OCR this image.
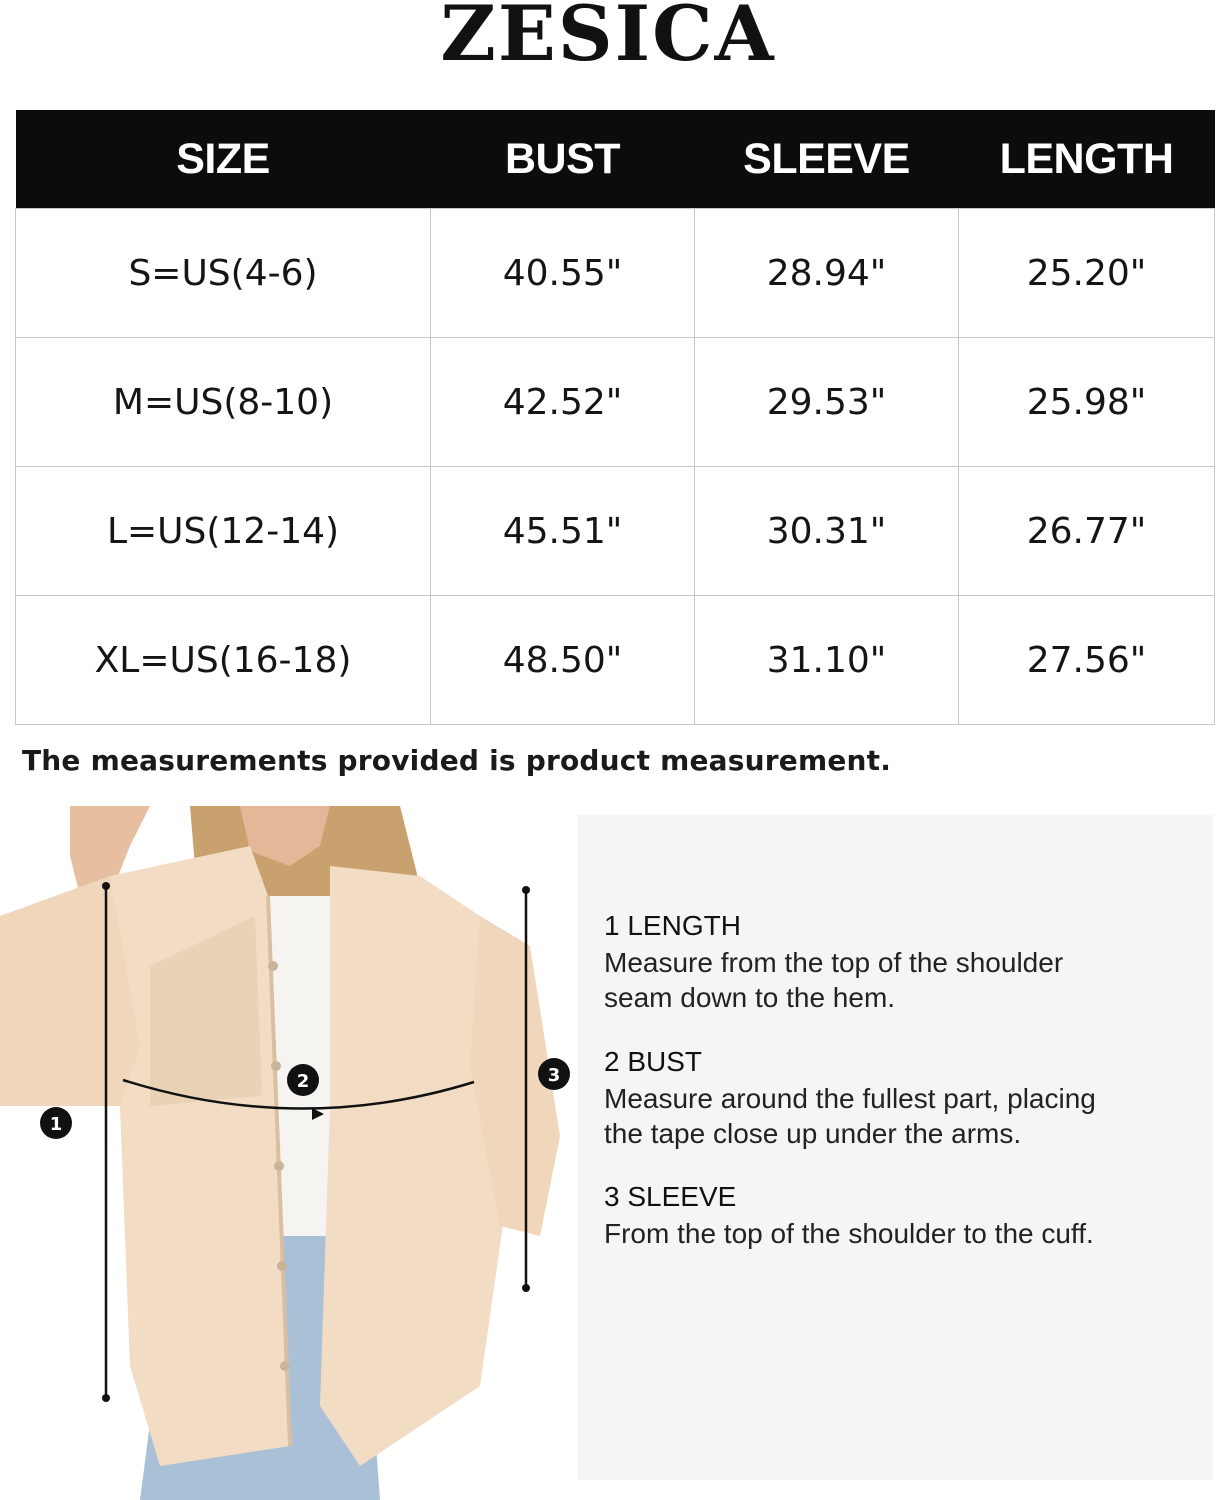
ZESICA
SIZE	BUST	SLEEVE	LENGTH
S=US(4-6)	40.55"	28.94"	25.20"
M=US(8-10)	42.52"	29.53"	25.98"
L=US(12-14)	45.51"	30.31"	26.77"
XL=US(16-18)	48.50"	31.10"	27.56"
The measurements provided is product measurement.
1
2	3
1 LENGTH
Measure from the top of the shoulder
seam down to the hem.
2 BUST
Measure around the fullest part, placing
the tape close up under the arms.
3 SLEEVE
From the top of the shoulder to the cuff.
